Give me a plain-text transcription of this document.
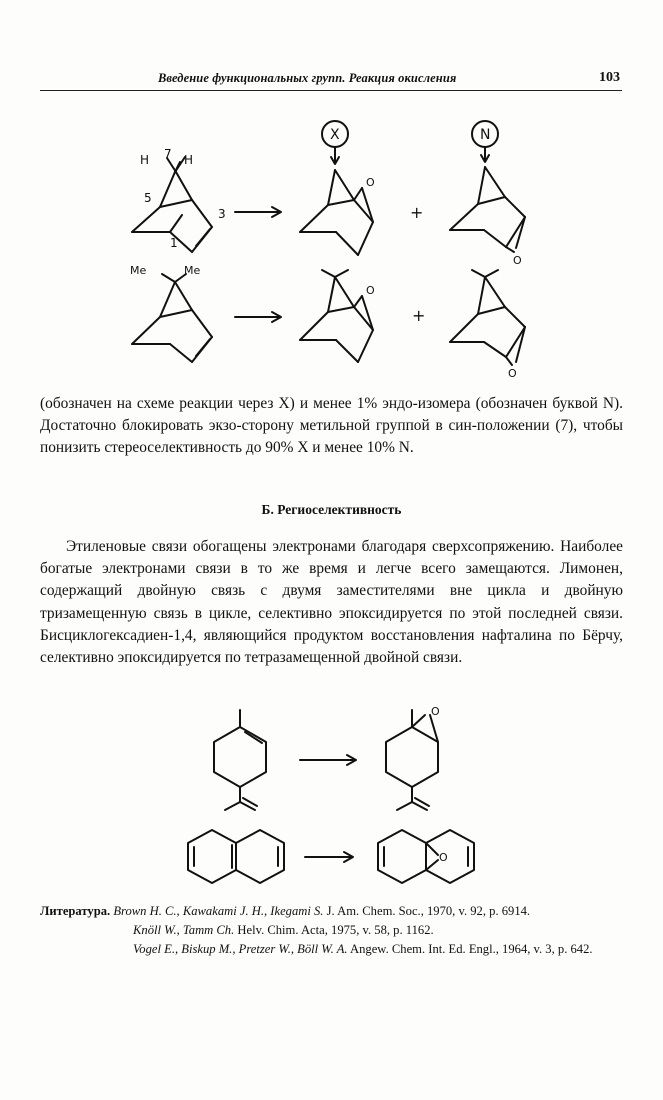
Введение функциональных групп. Реакция окисления	103
H 7 H
5
3
1
X	N
O
O
O
O
Me	Me
+
+

(обозначен на схеме реакции через X) и менее 1% эндо-изомера (обозначен буквой N). Достаточно блокировать экзо-сторону метильной группой в син-положении (7), чтобы понизить стереоселективность до 90% X и менее 10% N.

Б. Региоселективность

Этиленовые связи обогащены электронами благодаря сверхсопряжению. Наиболее богатые электронами связи в то же время и легче всего замещаются. Лимонен, содержащий двойную связь с двумя заместителями вне цикла и двойную тризамещенную связь в цикле, селективно эпоксидируется по этой последней связи. Бисциклогексадиен-1,4, являющийся продуктом восстановления нафталина по Бёрчу, селективно эпоксидируется по тетразамещенной двойной связи.

O
O
Литература. Brown H. C., Kawakami J. H., Ikegami S. J. Am. Chem. Soc., 1970, v. 92, p. 6914.
Knöll W., Tamm Ch. Helv. Chim. Acta, 1975, v. 58, p. 1162.
Vogel E., Biskup M., Pretzer W., Böll W. A. Angew. Chem. Int. Ed. Engl., 1964, v. 3, p. 642.
